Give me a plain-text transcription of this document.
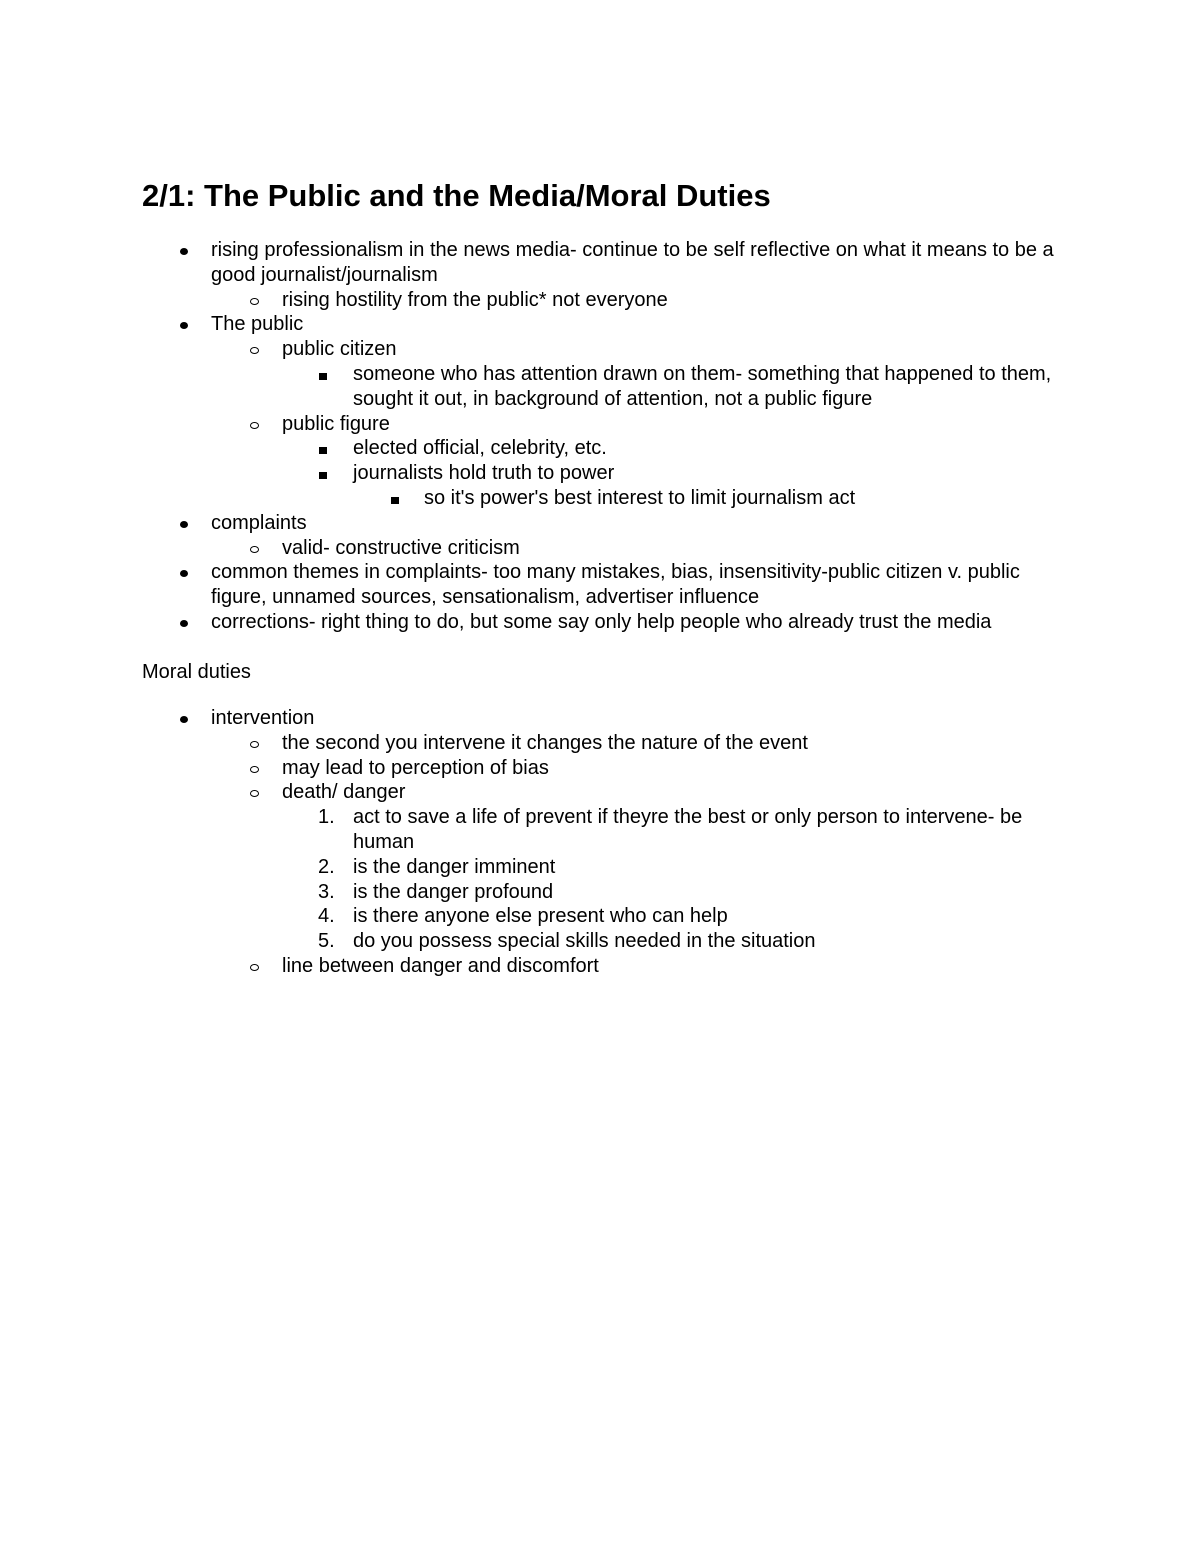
2/1: The Public and the Media/Moral Duties
rising professionalism in the news media- continue to be self reflective on what it means to be a good journalist/journalism
rising hostility from the public* not everyone
The public
public citizen
someone who has attention drawn on them- something that happened to them, sought it out, in background of attention, not a public figure
public figure
elected official, celebrity, etc.
journalists hold truth to power
so it's power's best interest to limit journalism act
complaints
valid- constructive criticism
common themes in complaints- too many mistakes, bias, insensitivity-public citizen v. public figure, unnamed sources, sensationalism, advertiser influence
corrections- right thing to do, but some say only help people who already trust the media
Moral duties
intervention
the second you intervene it changes the nature of the event
may lead to perception of bias
death/ danger
1. act to save a life of prevent if theyre the best or only person to intervene- be human
2. is the danger imminent
3. is the danger profound
4. is there anyone else present who can help
5. do you possess special skills needed in the situation
line between danger and discomfort
